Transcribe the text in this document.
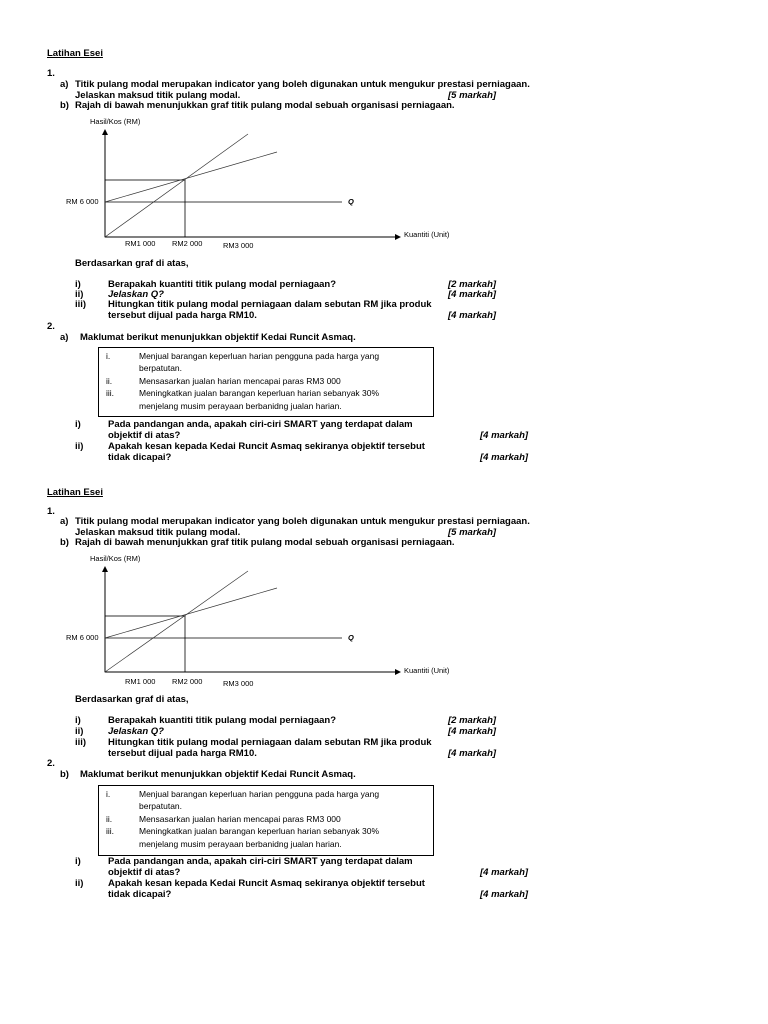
Latihan Esei
1.
a) Titik pulang modal merupakan indicator yang boleh digunakan untuk mengukur prestasi perniagaan.
Jelaskan maksud titik pulang modal.	[5 markah]
b) Rajah di bawah menunjukkan graf titik pulang modal sebuah organisasi perniagaan.
Hasil/Kos (RM)
RM 6 000	Q
Kuantiti (Unit)
RM1 000 RM2 000	RM3 000
Berdasarkan graf di atas,
i)	Berapakah kuantiti titik pulang modal perniagaan?	[2 markah]
ii)	Jelaskan Q?	[4 markah]
iii) Hitungkan titik pulang modal perniagaan dalam sebutan RM jika produk
tersebut dijual pada harga RM10.	[4 markah]
2.
a) Maklumat berikut menunjukkan objektif Kedai Runcit Asmaq.
i.	Menjual barangan keperluan harian pengguna pada harga yang
berpatutan.
ii.	Mensasarkan jualan harian mencapai paras RM3 000
iii.	Meningkatkan jualan barangan keperluan harian sebanyak 30%
menjelang musim perayaan berbanidng jualan harian.
i)	Pada pandangan anda, apakah ciri-ciri SMART yang terdapat dalam
objektif di atas?	[4 markah]
ii)	Apakah kesan kepada Kedai Runcit Asmaq sekiranya objektif tersebut
tidak dicapai?	[4 markah]
Latihan Esei
1.
a) Titik pulang modal merupakan indicator yang boleh digunakan untuk mengukur prestasi perniagaan.
Jelaskan maksud titik pulang modal.	[5 markah]
b) Rajah di bawah menunjukkan graf titik pulang modal sebuah organisasi perniagaan.
Hasil/Kos (RM)
RM 6 000	Q
Kuantiti (Unit)
RM1 000 RM2 000	RM3 000
Berdasarkan graf di atas,
i)	Berapakah kuantiti titik pulang modal perniagaan?	[2 markah]
ii)	Jelaskan Q?	[4 markah]
iii) Hitungkan titik pulang modal perniagaan dalam sebutan RM jika produk
tersebut dijual pada harga RM10.	[4 markah]
2.
b) Maklumat berikut menunjukkan objektif Kedai Runcit Asmaq.
i.	Menjual barangan keperluan harian pengguna pada harga yang
berpatutan.
ii.	Mensasarkan jualan harian mencapai paras RM3 000
iii.	Meningkatkan jualan barangan keperluan harian sebanyak 30%
menjelang musim perayaan berbanidng jualan harian.
i)	Pada pandangan anda, apakah ciri-ciri SMART yang terdapat dalam
objektif di atas?	[4 markah]
ii)	Apakah kesan kepada Kedai Runcit Asmaq sekiranya objektif tersebut
tidak dicapai?	[4 markah]
